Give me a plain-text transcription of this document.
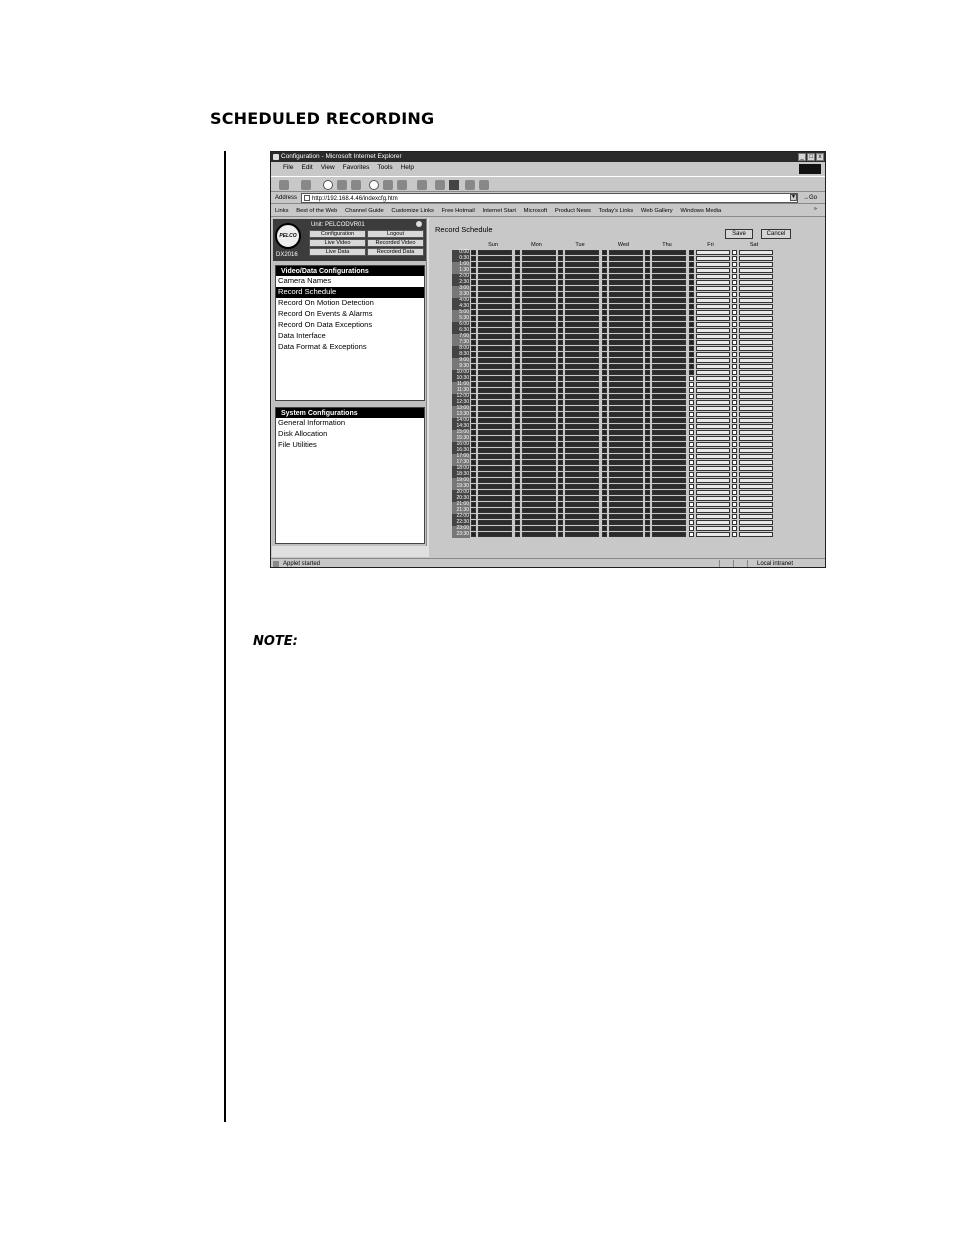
SCHEDULED RECORDING
Configuration - Microsoft Internet Explorer	_ □ x
File Edit View Favorites Tools Help
Address	http://192.168.4.46/indexcfg.htm	▼ →Go
Links Best of the Web Channel Guide Customize Links Free Hotmail Internet Start Microsoft Product News Today's Links Web Gallery Windows Media	»
PELCO
DX2016
Unit: PELCODVR01
Configuration	Logout
Live Video	Recorded Video
Live Data	Recorded Data
Video/Data Configurations
Camera Names
Record Schedule
Record On Motion Detection
Record On Events & Alarms
Record On Data Exceptions
Data Interface
Data Format & Exceptions
System Configurations
General Information
Disk Allocation
File Utilities
Record Schedule	Save	Cancel
Sun	Mon	Tue	Wed	Thu	Fri	Sat
0:00
0:30
1:00
1:30
2:00
2:30
3:00
3:30
4:00
4:30
5:00
5:30
6:00
6:30
7:00
7:30
8:00
8:30
9:00
9:30
10:00
10:30
11:00
11:30
12:00
12:30
13:00
13:30
14:00
14:30
15:00
15:30
16:00
16:30
17:00
17:30
18:00
18:30
19:00
19:30
20:00
20:30
21:00
21:30
22:00
22:30
23:00
23:30
Applet started	Local intranet
NOTE:
